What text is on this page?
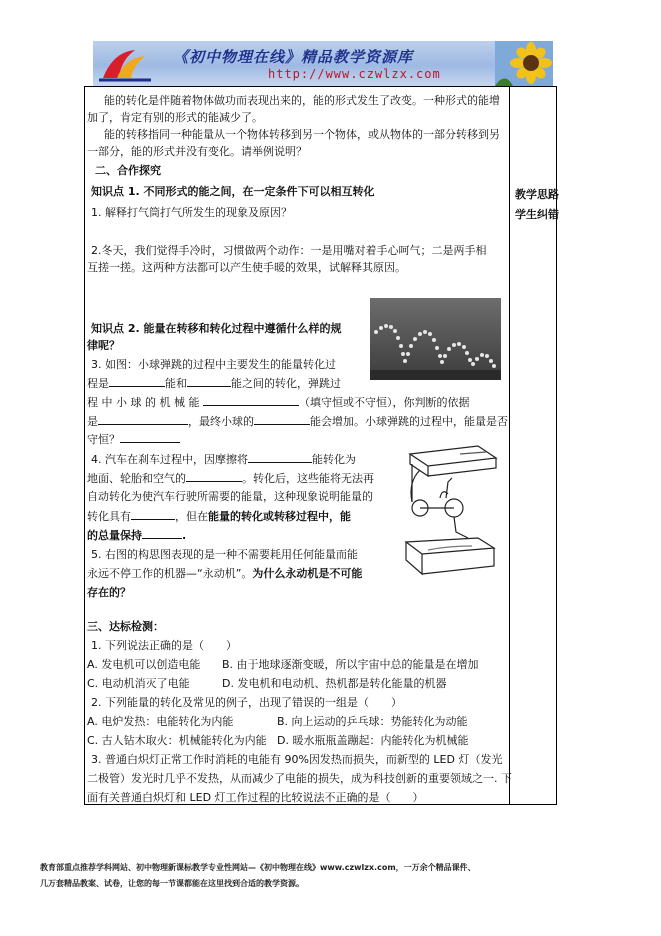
《初中物理在线》精品教学资源库
http://www.czwlzx.com
教学思路
学生纠错
能的转化是伴随着物体做功而表现出来的，能的形式发生了改变。一种形式的能增
加了，肯定有别的形式的能减少了。
能的转移指同一种能量从一个物体转移到另一个物体，或从物体的一部分转移到另
一部分，能的形式并没有变化。请举例说明？
二、合作探究
知识点 1. 不同形式的能之间，在一定条件下可以相互转化
1. 解释打气筒打气所发生的现象及原因？
2.冬天，我们觉得手冷时，习惯做两个动作：一是用嘴对着手心呵气；二是两手相
互搓一搓。这两种方法都可以产生使手暖的效果，试解释其原因。
知识点 2. 能量在转移和转化过程中遵循什么样的规
律呢？
3. 如图：小球弹跳的过程中主要发生的能量转化过
程是	能和	能之间的转化，弹跳过
程 中 小 球 的 机 械 能	（填守恒或不守恒），你判断的依据
是	，最终小球的	能会增加。小球弹跳的过程中，能量是否
守恒？
4. 汽车在刹车过程中，因摩擦将	能转化为
地面、轮胎和空气的	。转化后，这些能将无法再
自动转化为使汽车行驶所需要的能量，这种现象说明能量的
转化具有	，但在能量的转化或转移过程中，能
的总量保持	.
5. 右图的构思图表现的是一种不需要耗用任何能量而能
永远不停工作的机器—“永动机”。为什么永动机是不可能
存在的？
三、达标检测：
1. 下列说法正确的是（　　）
A. 发电机可以创造电能 B. 由于地球逐渐变暖，所以宇宙中总的能量是在增加
C. 电动机消灭了电能	D. 发电机和电动机、热机都是转化能量的机器
2. 下列能量的转化及常见的例子，出现了错误的一组是（　　）
A. 电炉发热：电能转化为内能	B. 向上运动的乒乓球：势能转化为动能
C. 古人钻木取火：机械能转化为内能 D. 暖水瓶瓶盖蹦起：内能转化为机械能
3. 普通白炽灯正常工作时消耗的电能有 90%因发热而损失，而新型的 LED 灯（发光
二极管）发光时几乎不发热，从而减少了电能的损失，成为科技创新的重要领域之一. 下
面有关普通白炽灯和 LED 灯工作过程的比较说法不正确的是（　　）
教育部重点推荐学科网站、初中物理新课标教学专业性网站—《初中物理在线》www.czwlzx.com，一万余个精品课件、
几万套精品教案、试卷，让您的每一节课都能在这里找到合适的教学资源。
